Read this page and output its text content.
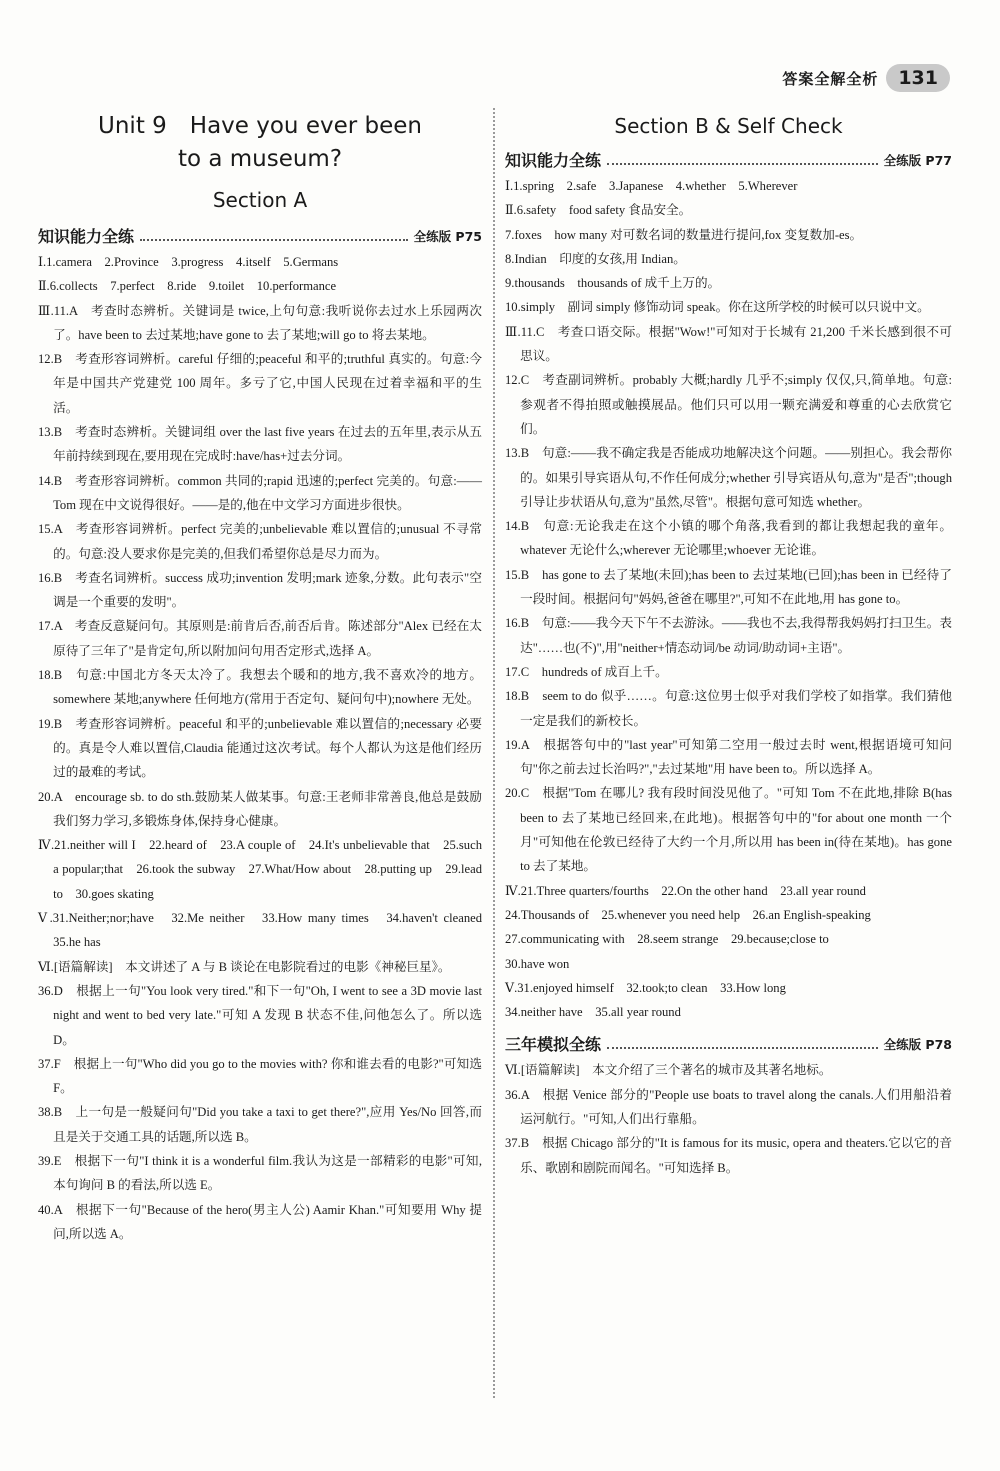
答案全解全析	131
Unit 9　Have you ever been
to a museum?
Section A
知识能力全练	全练版 P75

Ⅰ.1.camera　2.Province　3.progress　4.itself　5.Germans

Ⅱ.6.collects　7.perfect　8.ride　9.toilet　10.performance

Ⅲ.11.A　考查时态辨析。关键词是 twice,上句句意:我听说你去过水上乐园两次了。have been to 去过某地;have gone to 去了某地;will go to 将去某地。

12.B　考查形容词辨析。careful 仔细的;peaceful 和平的;truthful 真实的。句意:今年是中国共产党建党 100 周年。多亏了它,中国人民现在过着幸福和平的生活。

13.B　考查时态辨析。关键词组 over the last five years 在过去的五年里,表示从五年前持续到现在,要用现在完成时:have/has+过去分词。

14.B　考查形容词辨析。common 共同的;rapid 迅速的;perfect 完美的。句意:——Tom 现在中文说得很好。——是的,他在中文学习方面进步很快。

15.A　考查形容词辨析。perfect 完美的;unbelievable 难以置信的;unusual 不寻常的。句意:没人要求你是完美的,但我们希望你总是尽力而为。

16.B　考查名词辨析。success 成功;invention 发明;mark 迹象,分数。此句表示"空调是一个重要的发明"。

17.A　考查反意疑问句。其原则是:前肯后否,前否后肯。陈述部分"Alex 已经在太原待了三年了"是肯定句,所以附加问句用否定形式,选择 A。

18.B　句意:中国北方冬天太冷了。我想去个暖和的地方,我不喜欢冷的地方。somewhere 某地;anywhere 任何地方(常用于否定句、疑问句中);nowhere 无处。

19.B　考查形容词辨析。peaceful 和平的;unbelievable 难以置信的;necessary 必要的。真是令人难以置信,Claudia 能通过这次考试。每个人都认为这是他们经历过的最难的考试。

20.A　encourage sb. to do sth.鼓励某人做某事。句意:王老师非常善良,他总是鼓励我们努力学习,多锻炼身体,保持身心健康。

Ⅳ.21.neither will I　22.heard of　23.A couple of　24.It's unbelievable that　25.such a popular;that　26.took the subway　27.What/How about　28.putting up　29.lead to　30.goes skating

Ⅴ.31.Neither;nor;have　32.Me neither　33.How many times　34.haven't cleaned　35.he has

Ⅵ.[语篇解读]　本文讲述了 A 与 B 谈论在电影院看过的电影《神秘巨星》。

36.D　根据上一句"You look very tired."和下一句"Oh, I went to see a 3D movie last night and went to bed very late."可知 A 发现 B 状态不佳,问他怎么了。所以选 D。

37.F　根据上一句"Who did you go to the movies with? 你和谁去看的电影?"可知选 F。

38.B　上一句是一般疑问句"Did you take a taxi to get there?",应用 Yes/No 回答,而且是关于交通工具的话题,所以选 B。

39.E　根据下一句"I think it is a wonderful film.我认为这是一部精彩的电影"可知,本句询问 B 的看法,所以选 E。

40.A　根据下一句"Because of the hero(男主人公) Aamir Khan."可知要用 Why 提问,所以选 A。

Section B & Self Check
知识能力全练	全练版 P77

Ⅰ.1.spring　2.safe　3.Japanese　4.whether　5.Wherever

Ⅱ.6.safety　food safety 食品安全。

7.foxes　how many 对可数名词的数量进行提问,fox 变复数加-es。

8.Indian　印度的女孩,用 Indian。

9.thousands　thousands of 成千上万的。

10.simply　副词 simply 修饰动词 speak。你在这所学校的时候可以只说中文。

Ⅲ.11.C　考查口语交际。根据"Wow!"可知对于长城有 21,200 千米长感到很不可思议。

12.C　考查副词辨析。probably 大概;hardly 几乎不;simply 仅仅,只,简单地。句意:参观者不得拍照或触摸展品。他们只可以用一颗充满爱和尊重的心去欣赏它们。

13.B　句意:——我不确定我是否能成功地解决这个问题。——别担心。我会帮你的。如果引导宾语从句,不作任何成分;whether 引导宾语从句,意为"是否";though 引导让步状语从句,意为"虽然,尽管"。根据句意可知选 whether。

14.B　句意:无论我走在这个小镇的哪个角落,我看到的都让我想起我的童年。whatever 无论什么;wherever 无论哪里;whoever 无论谁。

15.B　has gone to 去了某地(未回);has been to 去过某地(已回);has been in 已经待了一段时间。根据问句"妈妈,爸爸在哪里?",可知不在此地,用 has gone to。

16.B　句意:——我今天下午不去游泳。——我也不去,我得帮我妈妈打扫卫生。表达"……也(不)",用"neither+情态动词/be 动词/助动词+主语"。

17.C　hundreds of 成百上千。

18.B　seem to do 似乎……。句意:这位男士似乎对我们学校了如指掌。我们猜他一定是我们的新校长。

19.A　根据答句中的"last year"可知第二空用一般过去时 went,根据语境可知问句"你之前去过长治吗?","去过某地"用 have been to。所以选择 A。

20.C　根据"Tom 在哪儿? 我有段时间没见他了。"可知 Tom 不在此地,排除 B(has been to 去了某地已经回来,在此地)。根据答句中的"for about one month 一个月"可知他在伦敦已经待了大约一个月,所以用 has been in(待在某地)。has gone to 去了某地。

Ⅳ.21.Three quarters/fourths　22.On the other hand　23.all year round

24.Thousands of　25.whenever you need help　26.an English-speaking

27.communicating with　28.seem strange　29.because;close to

30.have won

Ⅴ.31.enjoyed himself　32.took;to clean　33.How long

34.neither have　35.all year round

三年模拟全练	全练版 P78

Ⅵ.[语篇解读]　本文介绍了三个著名的城市及其著名地标。

36.A　根据 Venice 部分的"People use boats to travel along the canals.人们用船沿着运河航行。"可知,人们出行靠船。

37.B　根据 Chicago 部分的"It is famous for its music, opera and theaters.它以它的音乐、歌剧和剧院而闻名。"可知选择 B。
